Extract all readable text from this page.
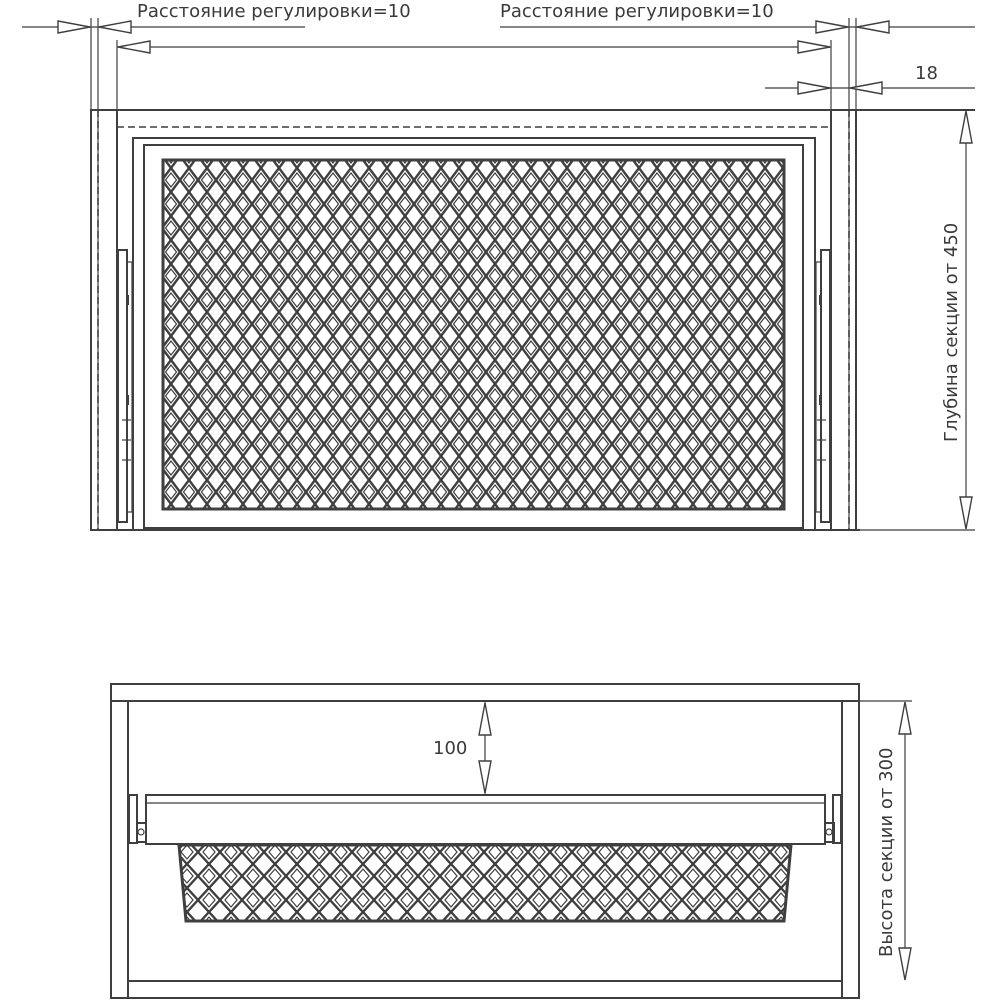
Расстояние регулировки=10	Расстояние регулировки=10
18
Глубина секции от 450
100	Высота секции от 300
